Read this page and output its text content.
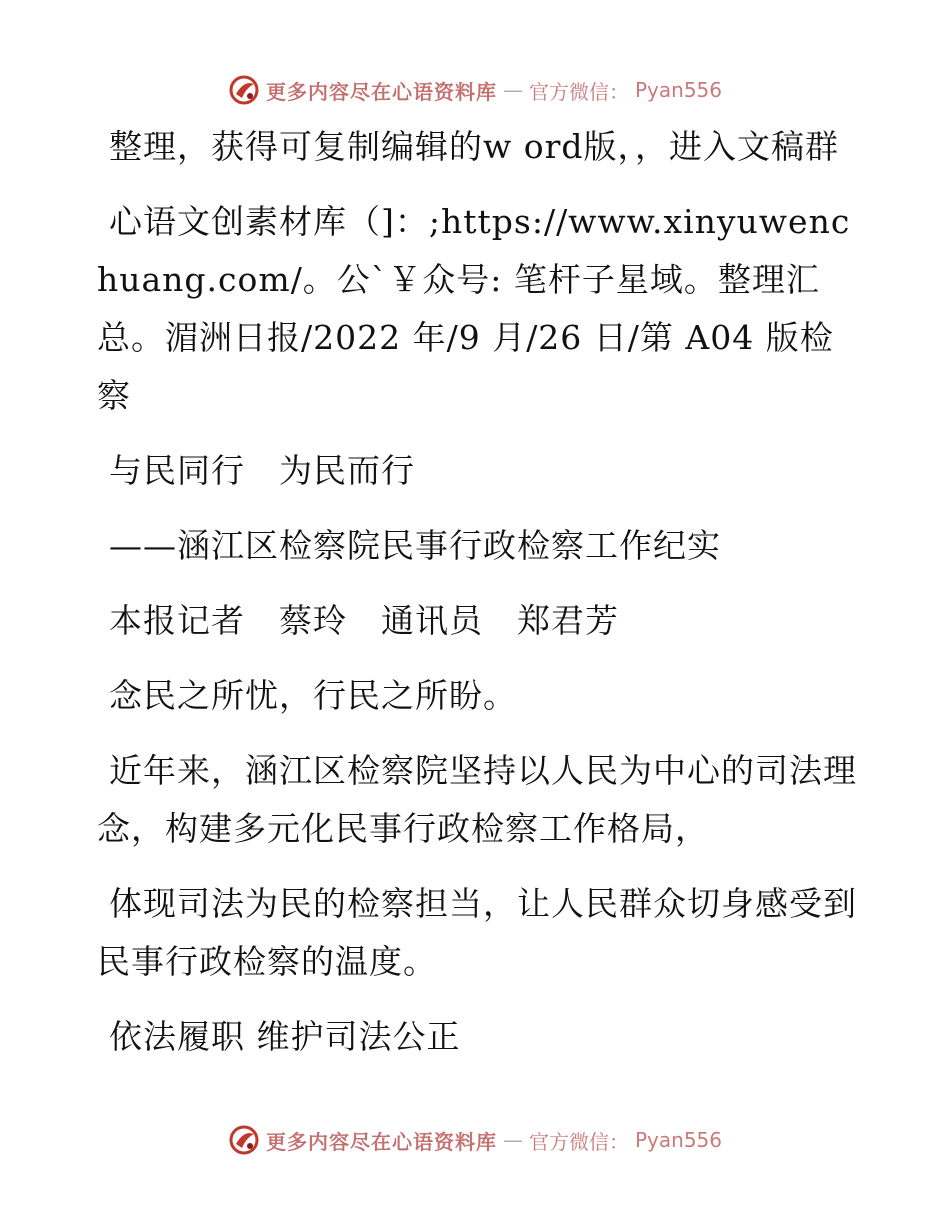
更多内容尽在心语资料库 — 官方微信： Pyan556

整理，获得可复制编辑的w ord版，，进入文稿群

心语文创素材库（]：;https://www.xinyuwenchuang.com/。公`￥众号: 笔杆子星域。整理汇总。湄洲日报/2022 年/9 月/26 日/第 A04 版检察

与民同行　为民而行

——涵江区检察院民事行政检察工作纪实

本报记者　蔡玲　通讯员　郑君芳

念民之所忧，行民之所盼。

近年来，涵江区检察院坚持以人民为中心的司法理念，构建多元化民事行政检察工作格局，

体现司法为民的检察担当，让人民群众切身感受到民事行政检察的温度。

依法履职 维护司法公正

更多内容尽在心语资料库 — 官方微信： Pyan556
